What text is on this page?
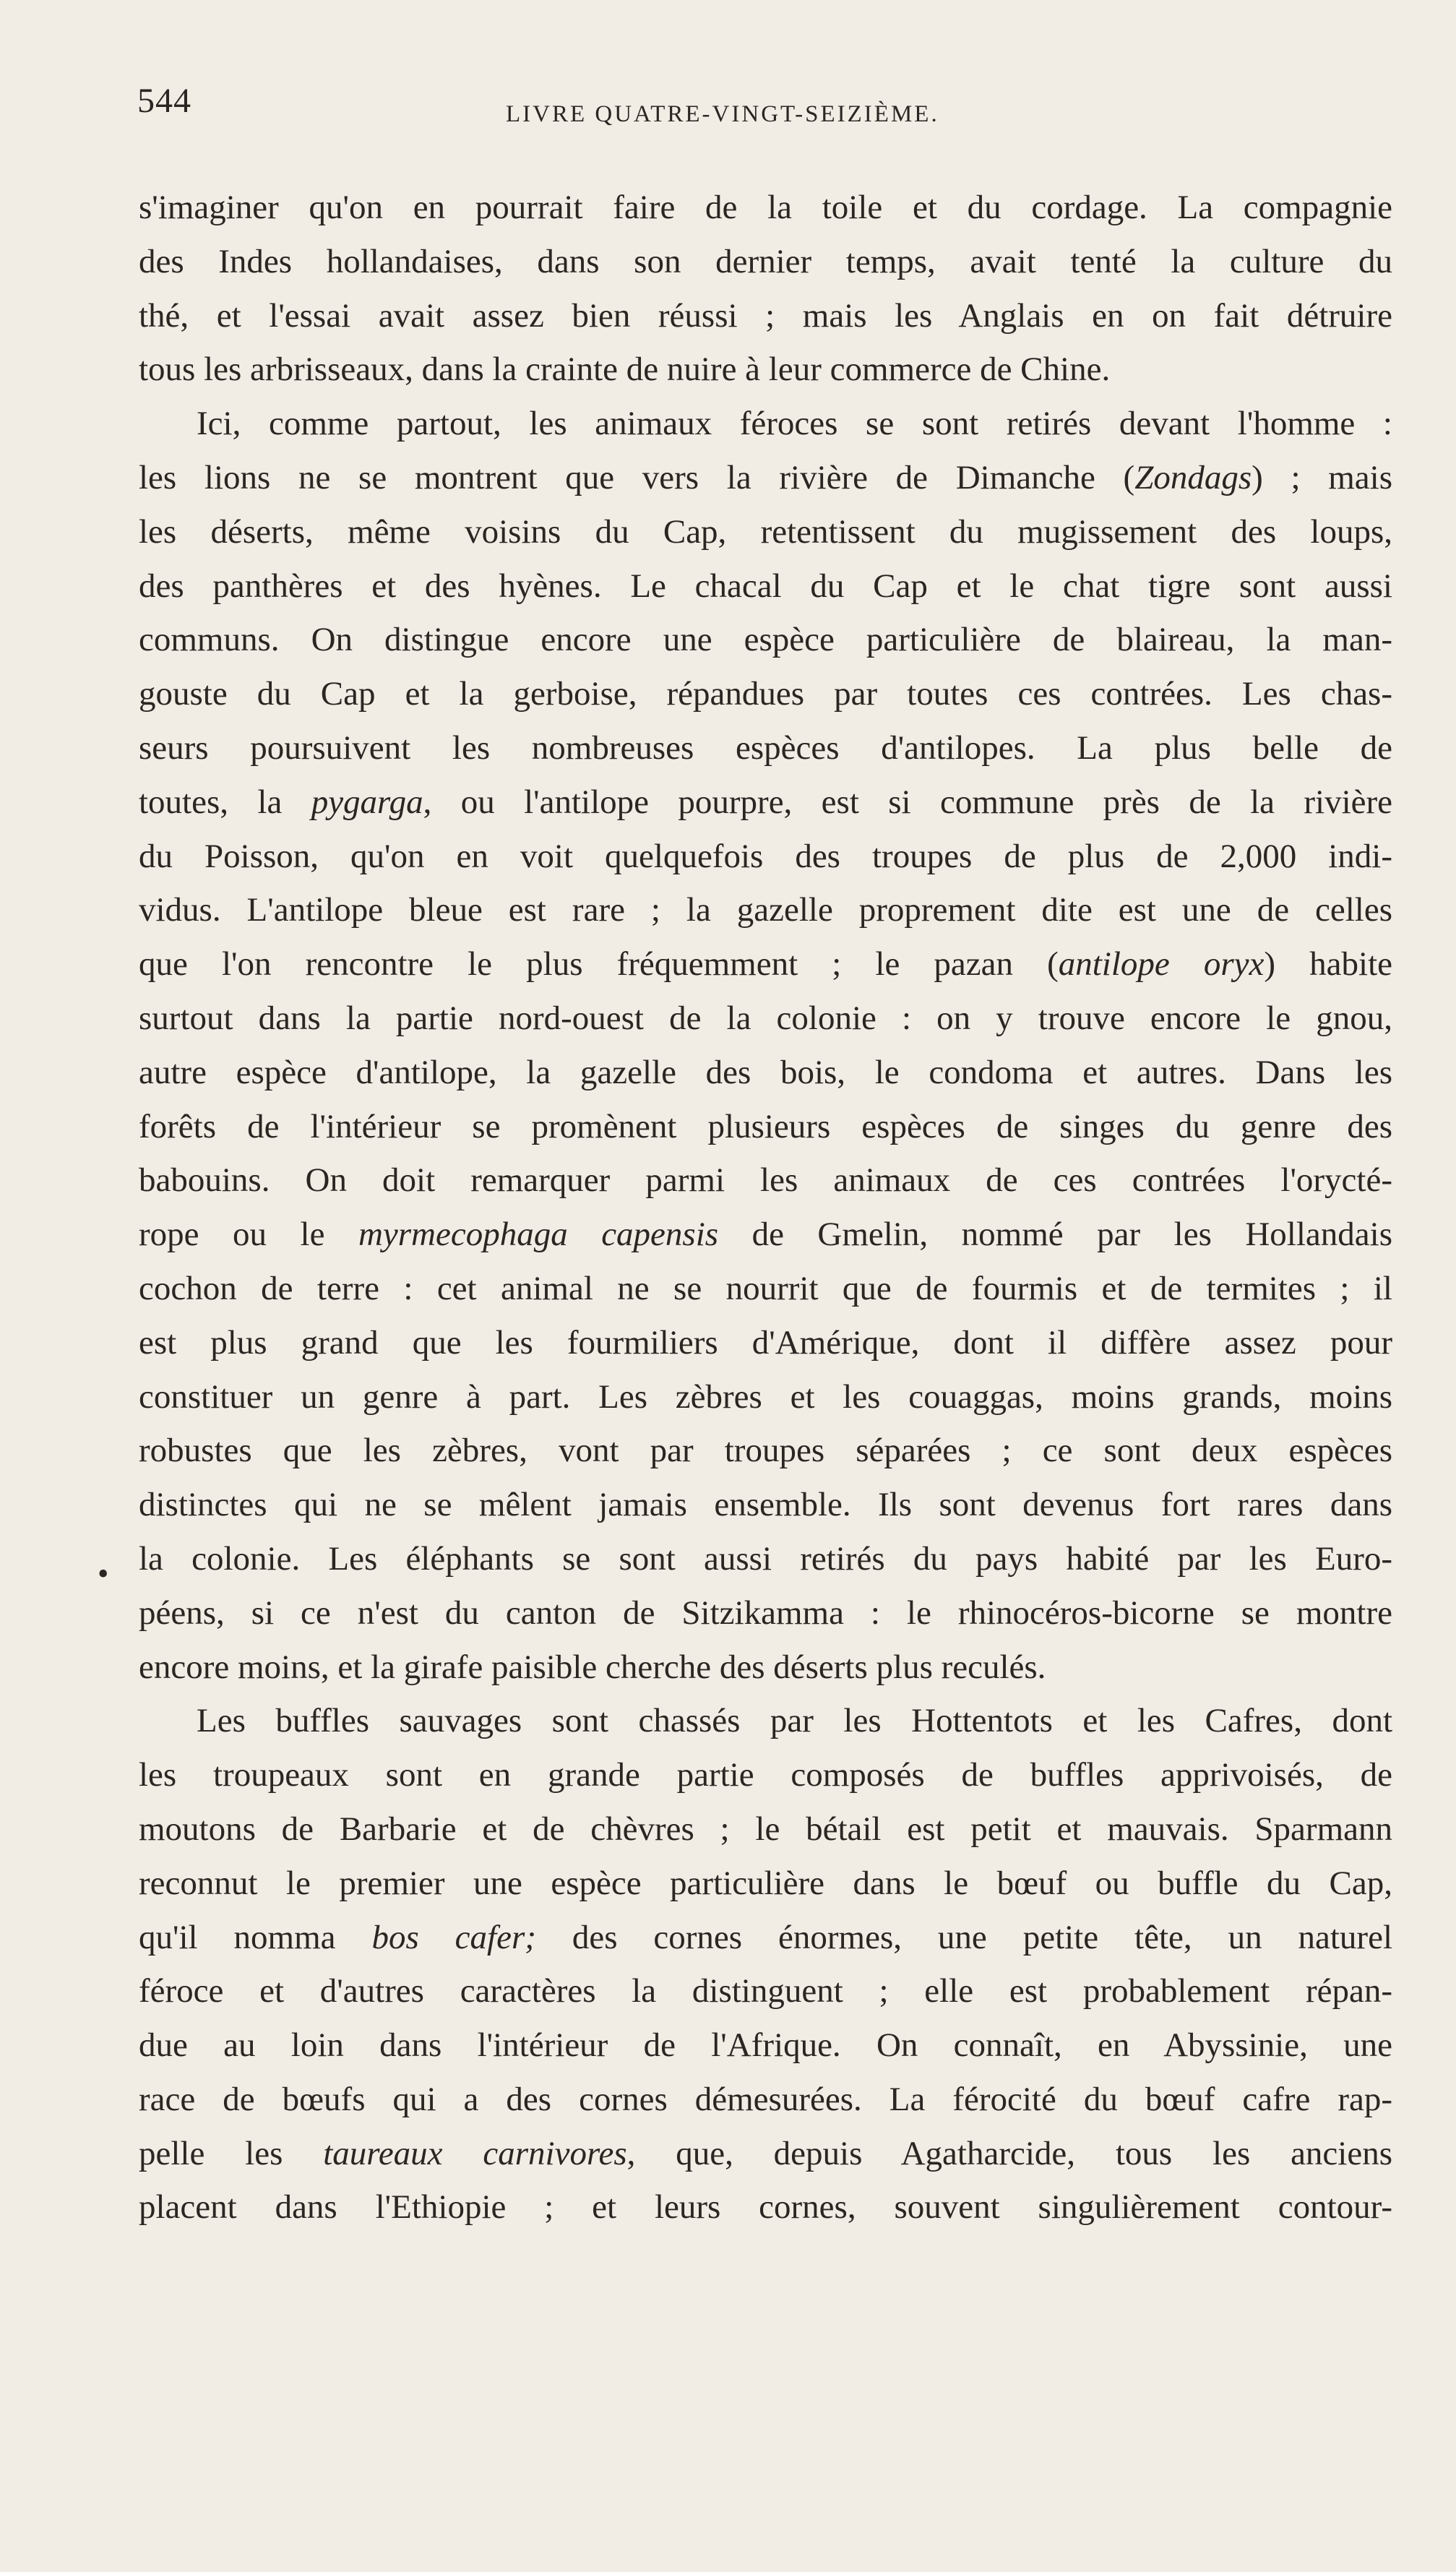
544	LIVRE QUATRE-VINGT-SEIZIÈME.
•
s'imaginer qu'on en pourrait faire de la toile et du cordage. La compagnie
des Indes hollandaises, dans son dernier temps, avait tenté la culture du
thé, et l'essai avait assez bien réussi ; mais les Anglais en on fait détruire
tous les arbrisseaux, dans la crainte de nuire à leur commerce de Chine.
Ici, comme partout, les animaux féroces se sont retirés devant l'homme :
les lions ne se montrent que vers la rivière de Dimanche (Zondags) ; mais
les déserts, même voisins du Cap, retentissent du mugissement des loups,
des panthères et des hyènes. Le chacal du Cap et le chat tigre sont aussi
communs. On distingue encore une espèce particulière de blaireau, la man-
gouste du Cap et la gerboise, répandues par toutes ces contrées. Les chas-
seurs poursuivent les nombreuses espèces d'antilopes. La plus belle de
toutes, la pygarga, ou l'antilope pourpre, est si commune près de la rivière
du Poisson, qu'on en voit quelquefois des troupes de plus de 2,000 indi-
vidus. L'antilope bleue est rare ; la gazelle proprement dite est une de celles
que l'on rencontre le plus fréquemment ; le pazan (antilope oryx) habite
surtout dans la partie nord-ouest de la colonie : on y trouve encore le gnou,
autre espèce d'antilope, la gazelle des bois, le condoma et autres. Dans les
forêts de l'intérieur se promènent plusieurs espèces de singes du genre des
babouins. On doit remarquer parmi les animaux de ces contrées l'orycté-
rope ou le myrmecophaga capensis de Gmelin, nommé par les Hollandais
cochon de terre : cet animal ne se nourrit que de fourmis et de termites ; il
est plus grand que les fourmiliers d'Amérique, dont il diffère assez pour
constituer un genre à part. Les zèbres et les couaggas, moins grands, moins
robustes que les zèbres, vont par troupes séparées ; ce sont deux espèces
distinctes qui ne se mêlent jamais ensemble. Ils sont devenus fort rares dans
la colonie. Les éléphants se sont aussi retirés du pays habité par les Euro-
péens, si ce n'est du canton de Sitzikamma : le rhinocéros-bicorne se montre
encore moins, et la girafe paisible cherche des déserts plus reculés.
Les buffles sauvages sont chassés par les Hottentots et les Cafres, dont
les troupeaux sont en grande partie composés de buffles apprivoisés, de
moutons de Barbarie et de chèvres ; le bétail est petit et mauvais. Sparmann
reconnut le premier une espèce particulière dans le bœuf ou buffle du Cap,
qu'il nomma bos cafer; des cornes énormes, une petite tête, un naturel
féroce et d'autres caractères la distinguent ; elle est probablement répan-
due au loin dans l'intérieur de l'Afrique. On connaît, en Abyssinie, une
race de bœufs qui a des cornes démesurées. La férocité du bœuf cafre rap-
pelle les taureaux carnivores, que, depuis Agatharcide, tous les anciens
placent dans l'Ethiopie ; et leurs cornes, souvent singulièrement contour-
